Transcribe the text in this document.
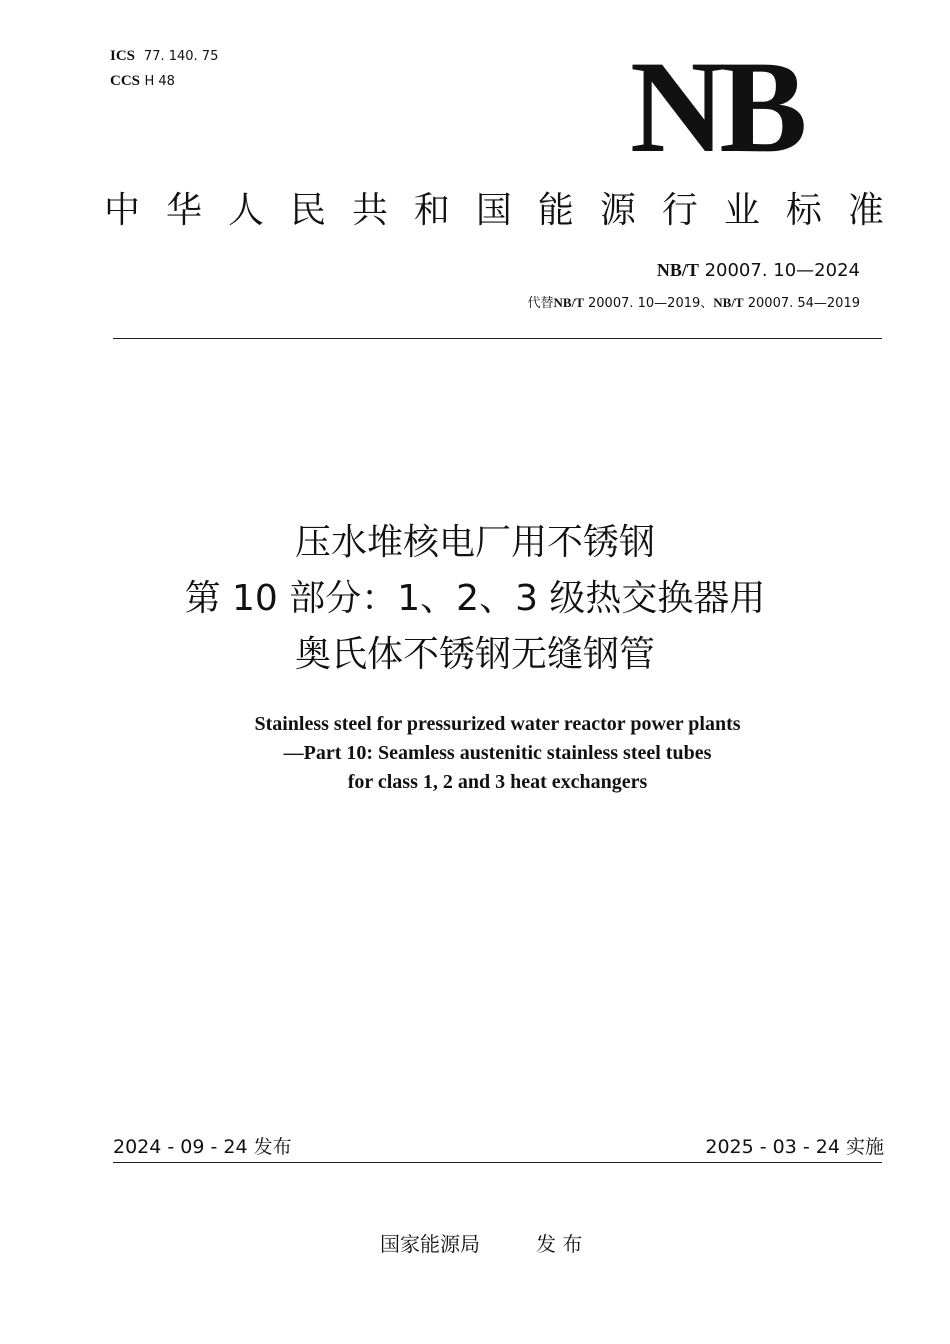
ICS 77. 140. 75
CCS H 48	NB
中 华 人 民 共 和 国 能 源 行 业 标 准
NB/T 20007. 10—2024
代替NB/T 20007. 10—2019、NB/T 20007. 54—2019
压水堆核电厂用不锈钢
第 10 部分：1、2、3 级热交换器用
奥氏体不锈钢无缝钢管
Stainless steel for pressurized water reactor power plants
—Part 10: Seamless austenitic stainless steel tubes
for class 1, 2 and 3 heat exchangers
2024 - 09 - 24 发布	2025 - 03 - 24 实施
国家能源局	发 布
